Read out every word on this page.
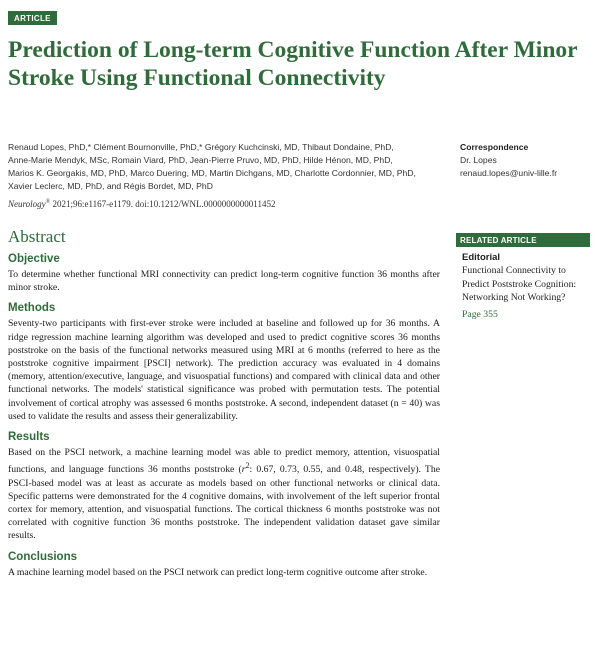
ARTICLE
Prediction of Long-term Cognitive Function After Minor Stroke Using Functional Connectivity
Renaud Lopes, PhD,* Clément Bournonville, PhD,* Grégory Kuchcinski, MD, Thibaut Dondaine, PhD,
Anne-Marie Mendyk, MSc, Romain Viard, PhD, Jean-Pierre Pruvo, MD, PhD, Hilde Hénon, MD, PhD,
Marios K. Georgakis, MD, PhD, Marco Duering, MD, Martin Dichgans, MD, Charlotte Cordonnier, MD, PhD,
Xavier Leclerc, MD, PhD, and Régis Bordet, MD, PhD
Neurology® 2021;96:e1167-e1179. doi:10.1212/WNL.0000000000011452
Correspondence
Dr. Lopes
renaud.lopes@univ-lille.fr
Abstract
Objective

To determine whether functional MRI connectivity can predict long-term cognitive function 36 months after minor stroke.

Methods

Seventy-two participants with first-ever stroke were included at baseline and followed up for 36 months. A ridge regression machine learning algorithm was developed and used to predict cognitive scores 36 months poststroke on the basis of the functional networks measured using MRI at 6 months (referred to here as the poststroke cognitive impairment [PSCI] network). The prediction accuracy was evaluated in 4 domains (memory, attention/executive, language, and visuospatial functions) and compared with clinical data and other functional networks. The models' statistical significance was probed with permutation tests. The potential involvement of cortical atrophy was assessed 6 months poststroke. A second, independent dataset (n = 40) was used to validate the results and assess their generalizability.

Results

Based on the PSCI network, a machine learning model was able to predict memory, attention, visuospatial functions, and language functions 36 months poststroke ($r^2$: 0.67, 0.73, 0.55, and 0.48, respectively). The PSCI-based model was at least as accurate as models based on other functional networks or clinical data. Specific patterns were demonstrated for the 4 cognitive domains, with involvement of the left superior frontal cortex for memory, attention, and visuospatial functions. The cortical thickness 6 months poststroke was not correlated with cognitive function 36 months poststroke. The independent validation dataset gave similar results.

Conclusions

A machine learning model based on the PSCI network can predict long-term cognitive outcome after stroke.

RELATED ARTICLE
Editorial
Functional Connectivity to Predict Poststroke Cognition: Networking Not Working?
Page 355
